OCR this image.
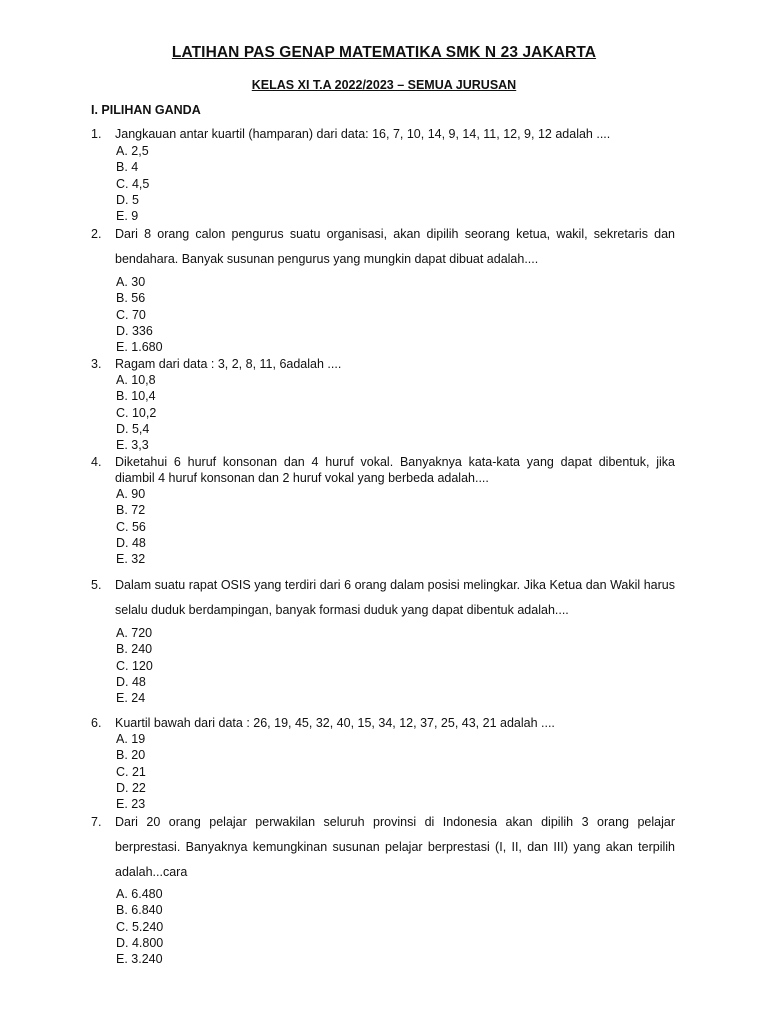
LATIHAN PAS GENAP MATEMATIKA SMK N 23 JAKARTA
KELAS XI T.A 2022/2023 – SEMUA JURUSAN
I. PILIHAN GANDA
1.	Jangkauan antar kuartil (hamparan) dari data: 16, 7, 10, 14, 9, 14, 11, 12, 9, 12 adalah ....
A. 2,5
B. 4
C. 4,5
D. 5
E. 9
2.	Dari 8 orang calon pengurus suatu organisasi, akan dipilih seorang ketua, wakil, sekretaris dan bendahara. Banyak susunan pengurus yang mungkin dapat dibuat adalah....
A. 30
B. 56
C. 70
D. 336
E. 1.680
3.	Ragam dari data : 3, 2, 8, 11, 6adalah ....
A. 10,8
B. 10,4
C. 10,2
D. 5,4
E. 3,3
4.	Diketahui 6 huruf konsonan dan 4 huruf vokal. Banyaknya kata-kata yang dapat dibentuk, jika diambil 4 huruf konsonan dan 2 huruf vokal yang berbeda adalah....
A. 90
B. 72
C. 56
D. 48
E. 32
5.	Dalam suatu rapat OSIS yang terdiri dari 6 orang dalam posisi melingkar. Jika Ketua dan Wakil harus selalu duduk berdampingan, banyak formasi duduk yang dapat dibentuk adalah....
A. 720
B. 240
C. 120
D. 48
E. 24
6.	Kuartil bawah dari data : 26, 19, 45, 32, 40, 15, 34, 12, 37, 25, 43, 21 adalah ....
A. 19
B. 20
C. 21
D. 22
E. 23
7.	Dari 20 orang pelajar perwakilan seluruh provinsi di Indonesia akan dipilih 3 orang pelajar berprestasi. Banyaknya kemungkinan susunan pelajar berprestasi (I, II, dan III) yang akan terpilih adalah...cara
A. 6.480
B. 6.840
C. 5.240
D. 4.800
E. 3.240
